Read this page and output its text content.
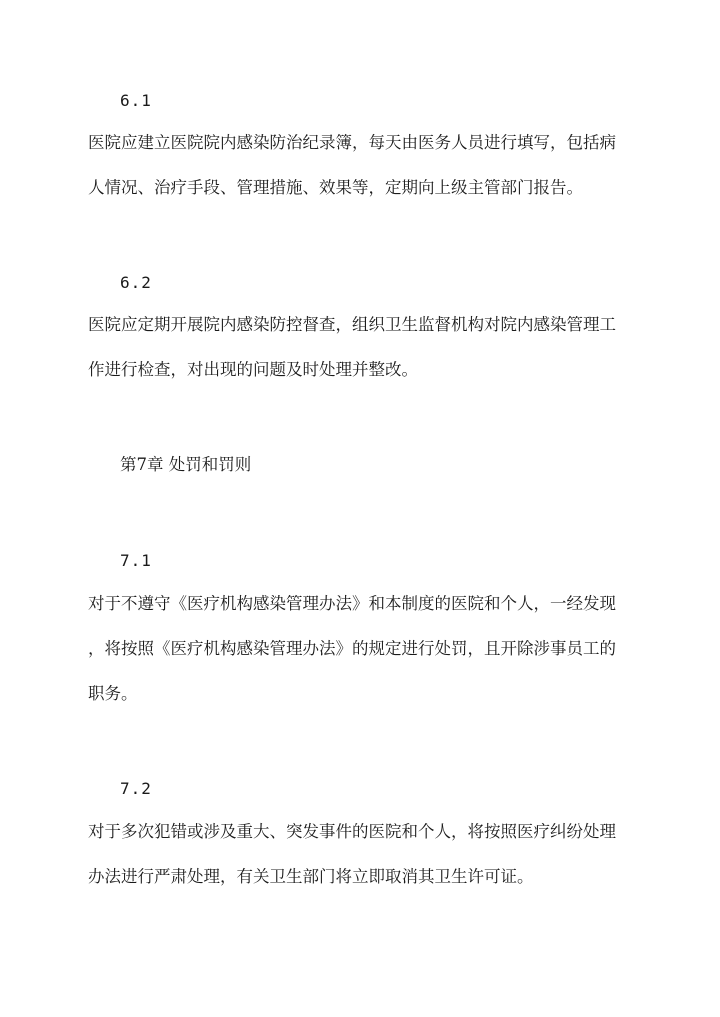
6.1
医院应建立医院院内感染防治纪录簿，每天由医务人员进行填写，包括病
人情况、治疗手段、管理措施、效果等，定期向上级主管部门报告。
6.2
医院应定期开展院内感染防控督查，组织卫生监督机构对院内感染管理工
作进行检查，对出现的问题及时处理并整改。
第7章 处罚和罚则
7.1
对于不遵守《医疗机构感染管理办法》和本制度的医院和个人，一经发现
，将按照《医疗机构感染管理办法》的规定进行处罚，且开除涉事员工的
职务。
7.2
对于多次犯错或涉及重大、突发事件的医院和个人，将按照医疗纠纷处理
办法进行严肃处理，有关卫生部门将立即取消其卫生许可证。
